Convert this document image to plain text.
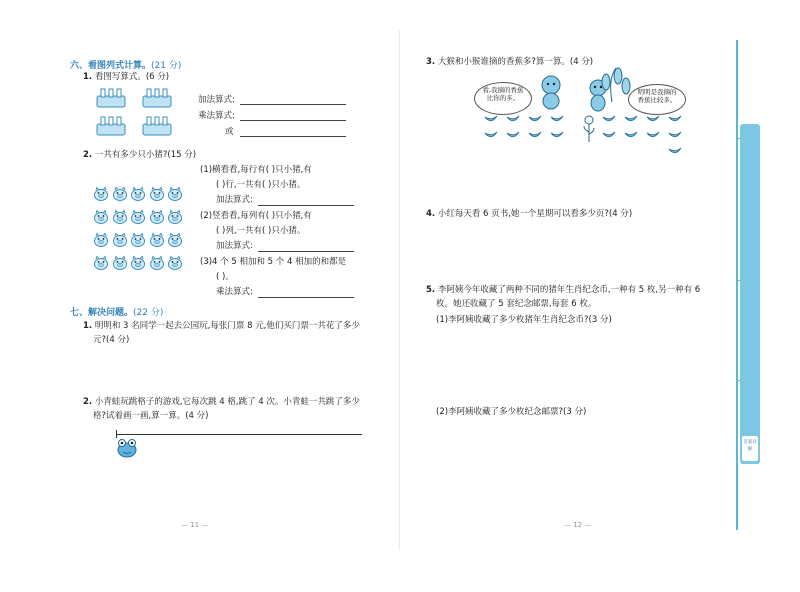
六、看图列式计算。(21 分)
1. 看图写算式。(6 分)
加法算式:
乘法算式:
或
2. 一共有多少只小猪?(15 分)
(1)横看看,每行有( )只小猪,有
( )行,一共有( )只小猪。
加法算式:
(2)竖看看,每列有( )只小猪,有
( )列,一共有( )只小猪。
加法算式:
(3)4 个 5 相加和 5 个 4 相加的和都是
( )。
乘法算式:
七、解决问题。(22 分)
1. 明明和 3 名同学一起去公园玩,每张门票 8 元,他们买门票一共花了多少
元?(4 分)
2. 小青蛙玩跳格子的游戏,它每次跳 4 格,跳了 4 次。小青蛙一共跳了多少
格?试着画一画,算一算。(4 分)
— 11 —
3. 大猴和小猴谁摘的香蕉多?算一算。(4 分)
看,我摘的香蕉比你的多。
明明是我摘的香蕉比较多。
4. 小红每天看 6 页书,她一个星期可以看多少页?(4 分)
5. 李阿姨今年收藏了两种不同的猪年生肖纪念币,一种有 5 枚,另一种有 6
枚。她还收藏了 5 套纪念邮票,每套 6 枚。
(1)李阿姨收藏了多少枚猪年生肖纪念币?(3 分)
(2)李阿姨收藏了多少枚纪念邮票?(3 分)
— 12 —
答案详解
